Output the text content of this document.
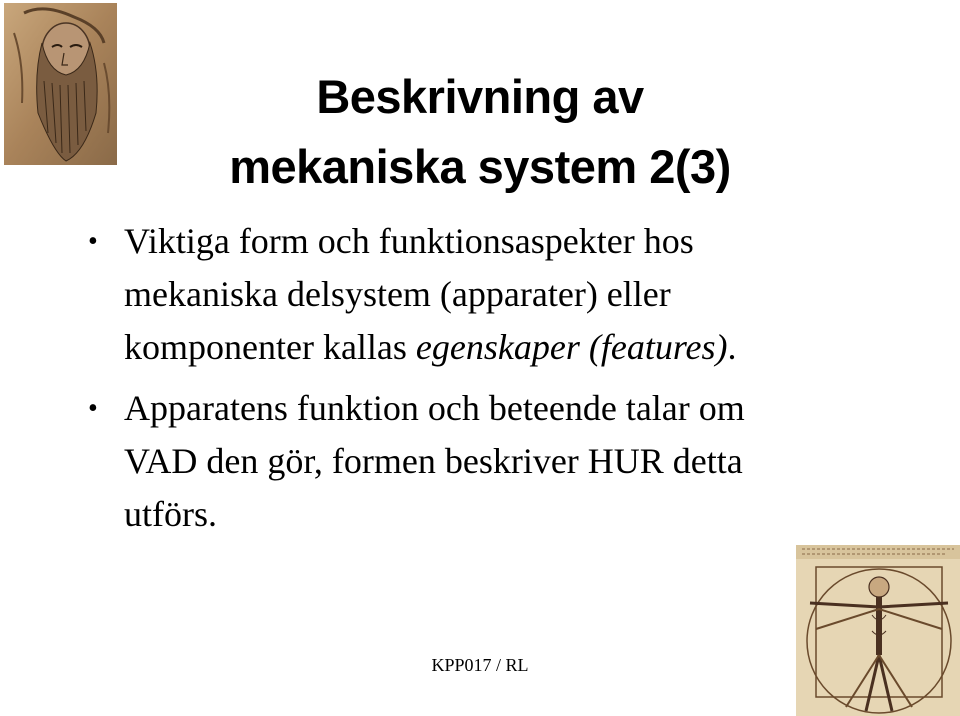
Beskrivning av
mekaniska system 2(3)
• Viktiga form och funktionsaspekter hos
mekaniska delsystem (apparater) eller
komponenter kallas egenskaper (features).
• Apparatens funktion och beteende talar om
VAD den gör, formen beskriver HUR detta
utförs.
KPP017 / RL
